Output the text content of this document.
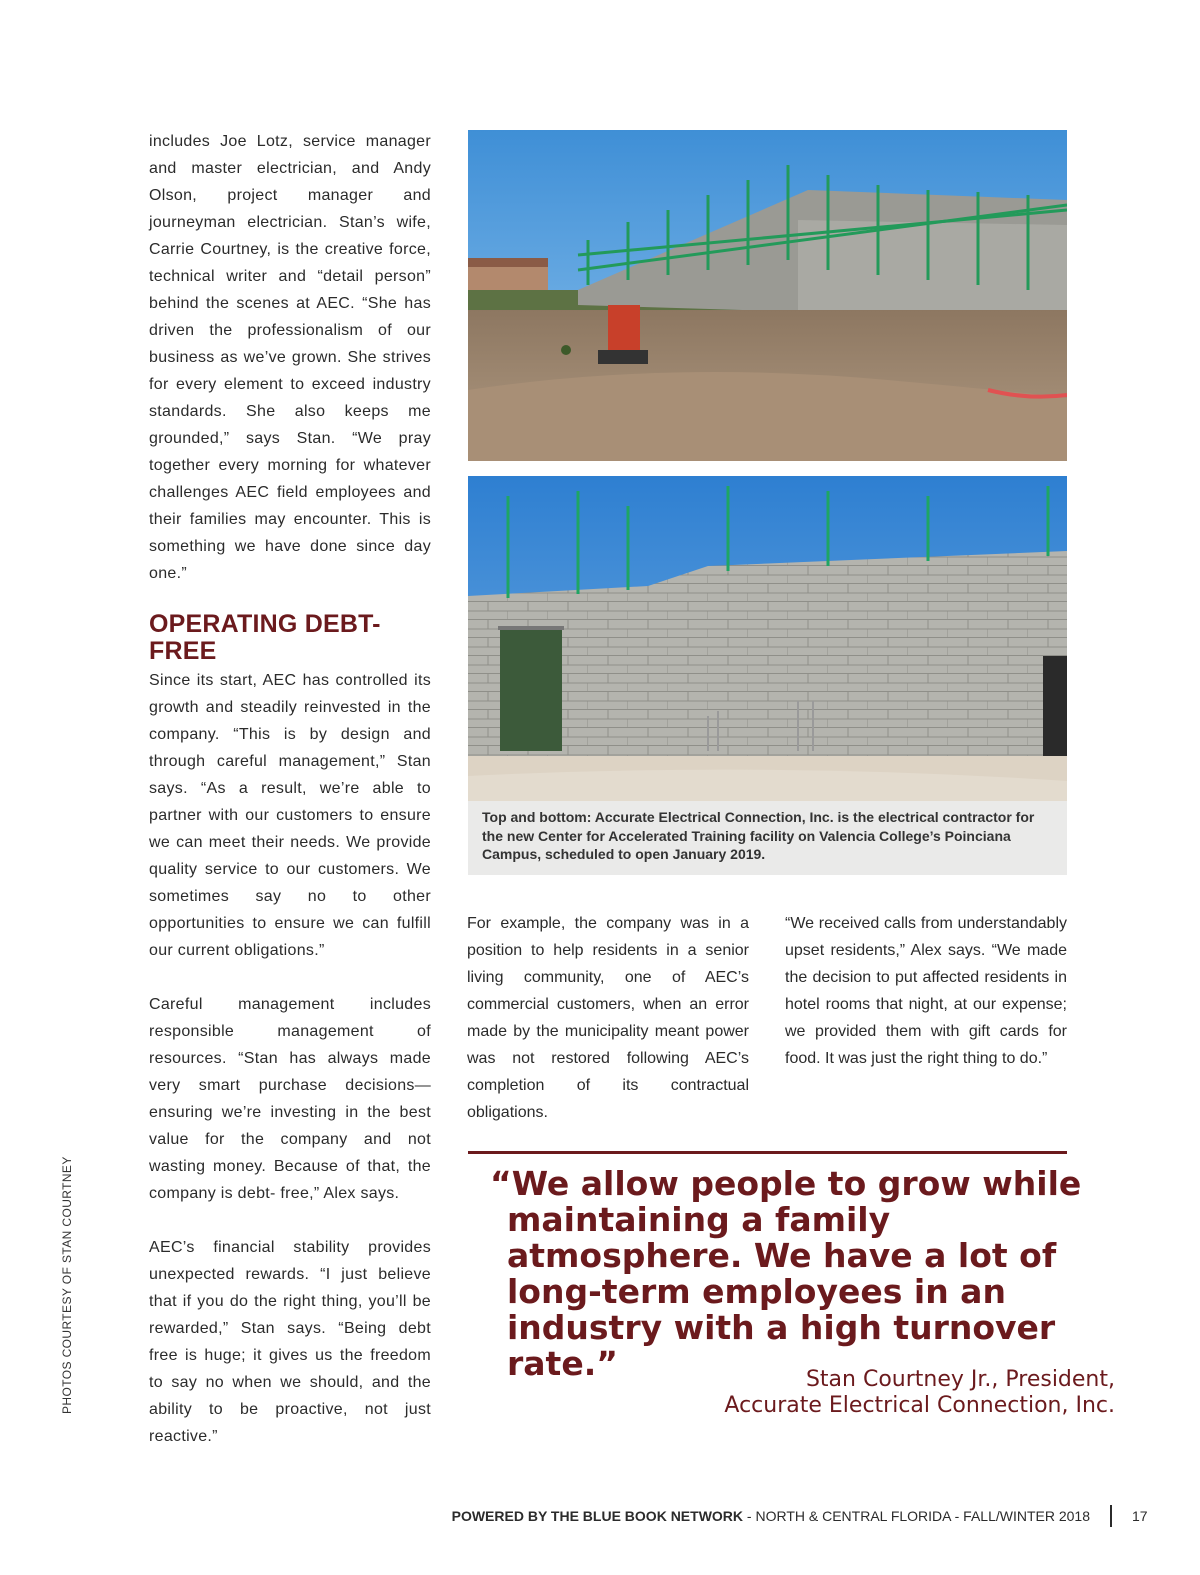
includes Joe Lotz, service manager and master electrician, and Andy Olson, project manager and journeyman electrician. Stan’s wife, Carrie Courtney, is the creative force, technical writer and “detail person” behind the scenes at AEC. “She has driven the professionalism of our business as we’ve grown. She strives for every element to exceed industry standards. She also keeps me grounded,” says Stan. “We pray together every morning for whatever challenges AEC field employees and their families may encounter. This is something we have done since day one.”

OPERATING DEBT-FREE

Since its start, AEC has controlled its growth and steadily reinvested in the company. “This is by design and through careful management,” Stan says. “As a result, we’re able to partner with our customers to ensure we can meet their needs. We provide quality service to our customers. We sometimes say no to other opportunities to ensure we can fulfill our current obligations.”

Careful management includes responsible management of resources. “Stan has always made very smart purchase decisions—ensuring we’re investing in the best value for the company and not wasting money. Because of that, the company is debt- free,” Alex says.

AEC’s financial stability provides unexpected rewards. “I just believe that if you do the right thing, you’ll be rewarded,” Stan says. “Being debt free is huge; it gives us the freedom to say no when we should, and the ability to be proactive, not just reactive.”

Top and bottom: Accurate Electrical Connection, Inc. is the electrical contractor for the new Center for Accelerated Training facility on Valencia College’s Poinciana Campus, scheduled to open January 2019.

For example, the company was in a position to help residents in a senior living community, one of AEC’s commercial customers, when an error made by the municipality meant power was not restored following AEC’s completion of its contractual obligations.

“We received calls from understandably upset residents,” Alex says. “We made the decision to put affected residents in hotel rooms that night, at our expense; we provided them with gift cards for food. It was just the right thing to do.”

“We allow people to grow while maintaining a family atmosphere. We have a lot of long-term employees in an industry with a high turnover rate.”	Stan Courtney Jr., President,
Accurate Electrical Connection, Inc.
PHOTOS COURTESY OF STAN COURTNEY
POWERED BY THE BLUE BOOK NETWORK - NORTH & CENTRAL FLORIDA - FALL/WINTER 2018	17
